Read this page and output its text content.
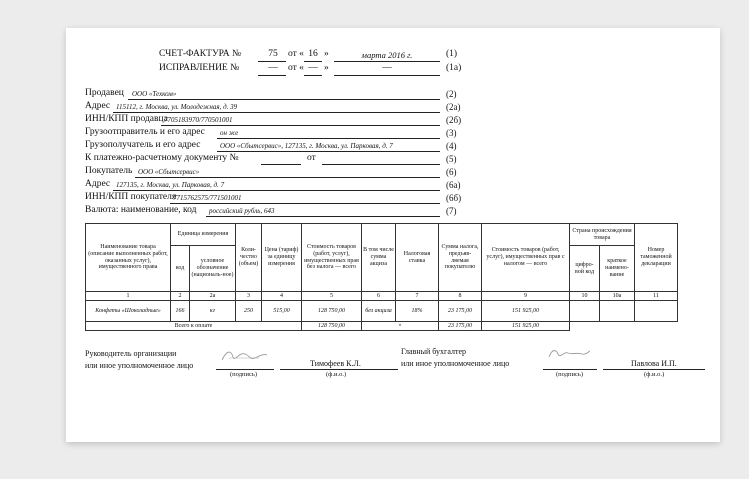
СЧЕТ-ФАКТУРА №	75	от « 16 »	марта 2016 г.	(1)
ИСПРАВЛЕНИЕ №	—	от « — »	—	(1а)
Продавец ООО «Техком»	(2)
Адрес 115112, г. Москва, ул. Молодежная, д. 39	(2а)
ИНН/КПП продавца
7705183970/770501001	(2б)
Грузоотправитель и его адрес он же	(3)
Грузополучатель и его адрес	ООО «Сбытсервис», 127135, г. Москва, ул. Парковая, д. 7	(4)
К платежно-расчетному документу №	от	(5)
Покупатель ООО «Сбытсервис»	(6)
Адрес 127135, г. Москва, ул. Парковая, д. 7	(6а)
ИНН/КПП покупателя
7715762575/771501001	(6б)
Валюта: наименование, код российский рубль, 643	(7)
Наименование товара (описание выполненных работ, оказанных услуг), имущественного права	Единица измерения		Коли-чество (объем)	Цена (тариф) за единицу измерения	Стоимость товаров (работ, услуг), имущественных прав без налога — всего	В том числе сумма акциза	Налоговая ставка	Сумма налога, предъяв-ляемая покупателю	Стоимость товаров (работ, услуг), имущественных прав с налогом — всего	Страна происхождения товара		Номер таможенной декларации
	код	условное обозначение (националь-ное)								цифро-вой код	краткое наимено-вание	
1	2	2а	3	4	5	6	7	8	9	10	10а	11
Конфеты «Шоколадные»	166	кг	250	515,00	128 750,00	без акциза	18%	23 175,00	151 925,00			
Всего к оплате					128 750,00	×		23 175,00	151 925,00			
Руководитель организации
или иное уполномоченное лицо
(подпись)
Тимофеев К.Л.
(ф.и.о.)
Главный бухгалтер
или иное уполномоченное лицо
(подпись)
Павлова И.П.
(ф.и.о.)
